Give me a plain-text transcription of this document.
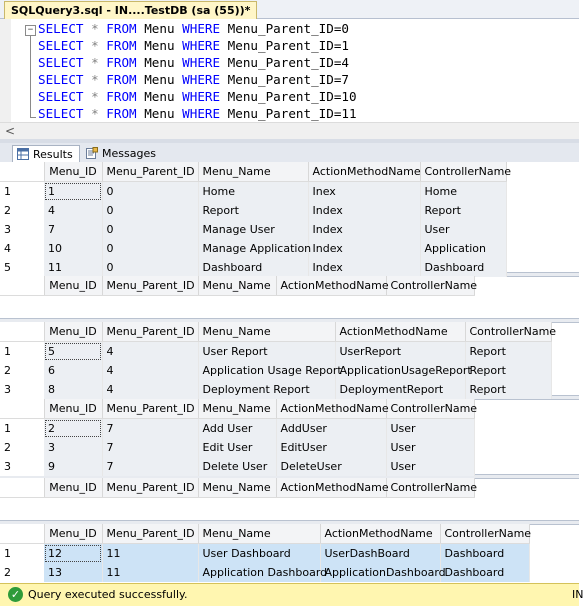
SQLQuery3.sql - IN....TestDB (sa (55))*
− SELECT * FROM Menu WHERE Menu_Parent_ID=0
SELECT * FROM Menu WHERE Menu_Parent_ID=1
SELECT * FROM Menu WHERE Menu_Parent_ID=4
SELECT * FROM Menu WHERE Menu_Parent_ID=7
SELECT * FROM Menu WHERE Menu_Parent_ID=10
SELECT * FROM Menu WHERE Menu_Parent_ID=11
<
Results	Messages
	Menu_ID	Menu_Parent_ID	Menu_Name	ActionMethodName	ControllerName
1	1	0	Home	Inex	Home
2	4	0	Report	Index	Report
3	7	0	Manage User	Index	User
4	10	0	Manage Application	Index	Application
5	11	0	Dashboard	Index	Dashboard
	Menu_ID	Menu_Parent_ID	Menu_Name	ActionMethodName	ControllerName
	Menu_ID	Menu_Parent_ID	Menu_Name	ActionMethodName	ControllerName
1	5	4	User Report	UserReport	Report
2	6	4	Application Usage Report	ApplicationUsageReport	Report
3	8	4	Deployment Report	DeploymentReport	Report
	Menu_ID	Menu_Parent_ID	Menu_Name	ActionMethodName	ControllerName
1	2	7	Add User	AddUser	User
2	3	7	Edit User	EditUser	User
3	9	7	Delete User	DeleteUser	User
	Menu_ID	Menu_Parent_ID	Menu_Name	ActionMethodName	ControllerName
	Menu_ID	Menu_Parent_ID	Menu_Name	ActionMethodName	ControllerName
1	12	11	User Dashboard	UserDashBoard	Dashboard
2	13	11	Application Dashboard	ApplicationDashboard	Dashboard
✓ Query executed successfully.	IN
